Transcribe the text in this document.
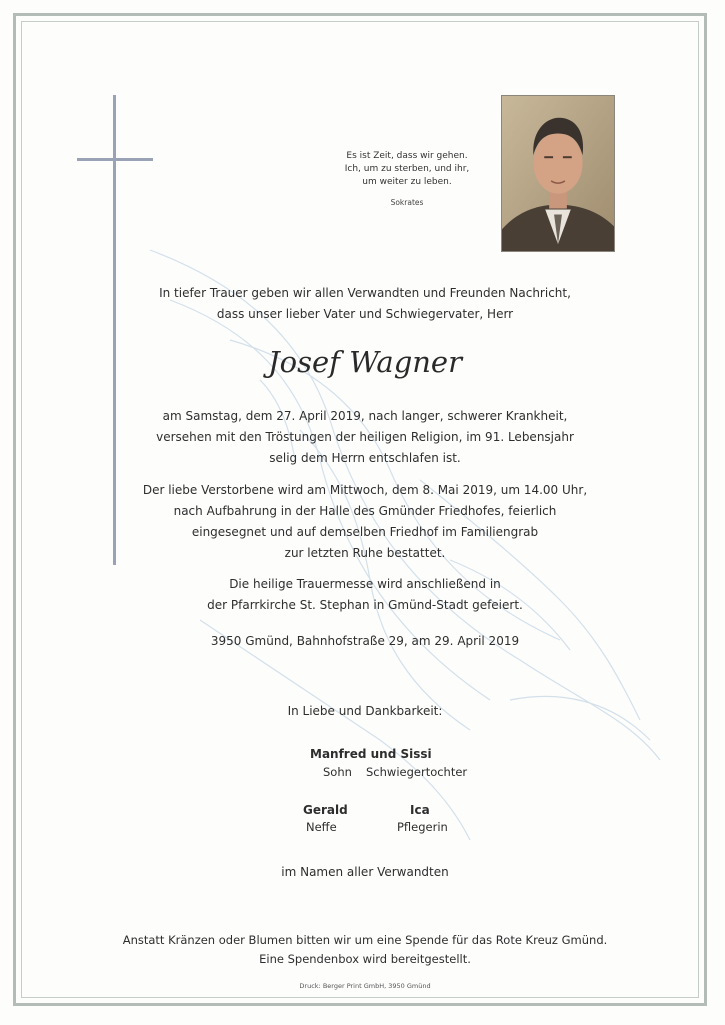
Es ist Zeit, dass wir gehen.
Ich, um zu sterben, und ihr,
um weiter zu leben.
Sokrates
In tiefer Trauer geben wir allen Verwandten und Freunden Nachricht,
dass unser lieber Vater und Schwiegervater, Herr
Josef Wagner
am Samstag, dem 27. April 2019, nach langer, schwerer Krankheit,
versehen mit den Tröstungen der heiligen Religion, im 91. Lebensjahr
selig dem Herrn entschlafen ist.
Der liebe Verstorbene wird am Mittwoch, dem 8. Mai 2019, um 14.00 Uhr,
nach Aufbahrung in der Halle des Gmünder Friedhofes, feierlich
eingesegnet und auf demselben Friedhof im Familiengrab
zur letzten Ruhe bestattet.
Die heilige Trauermesse wird anschließend in
der Pfarrkirche St. Stephan in Gmünd-Stadt gefeiert.
3950 Gmünd, Bahnhofstraße 29, am 29. April 2019
In Liebe und Dankbarkeit:
Manfred und Sissi
Sohn Schwiegertochter
Gerald
Neffe
Ica
Pflegerin
im Namen aller Verwandten
Anstatt Kränzen oder Blumen bitten wir um eine Spende für das Rote Kreuz Gmünd.
Eine Spendenbox wird bereitgestellt.
Druck: Berger Print GmbH, 3950 Gmünd
